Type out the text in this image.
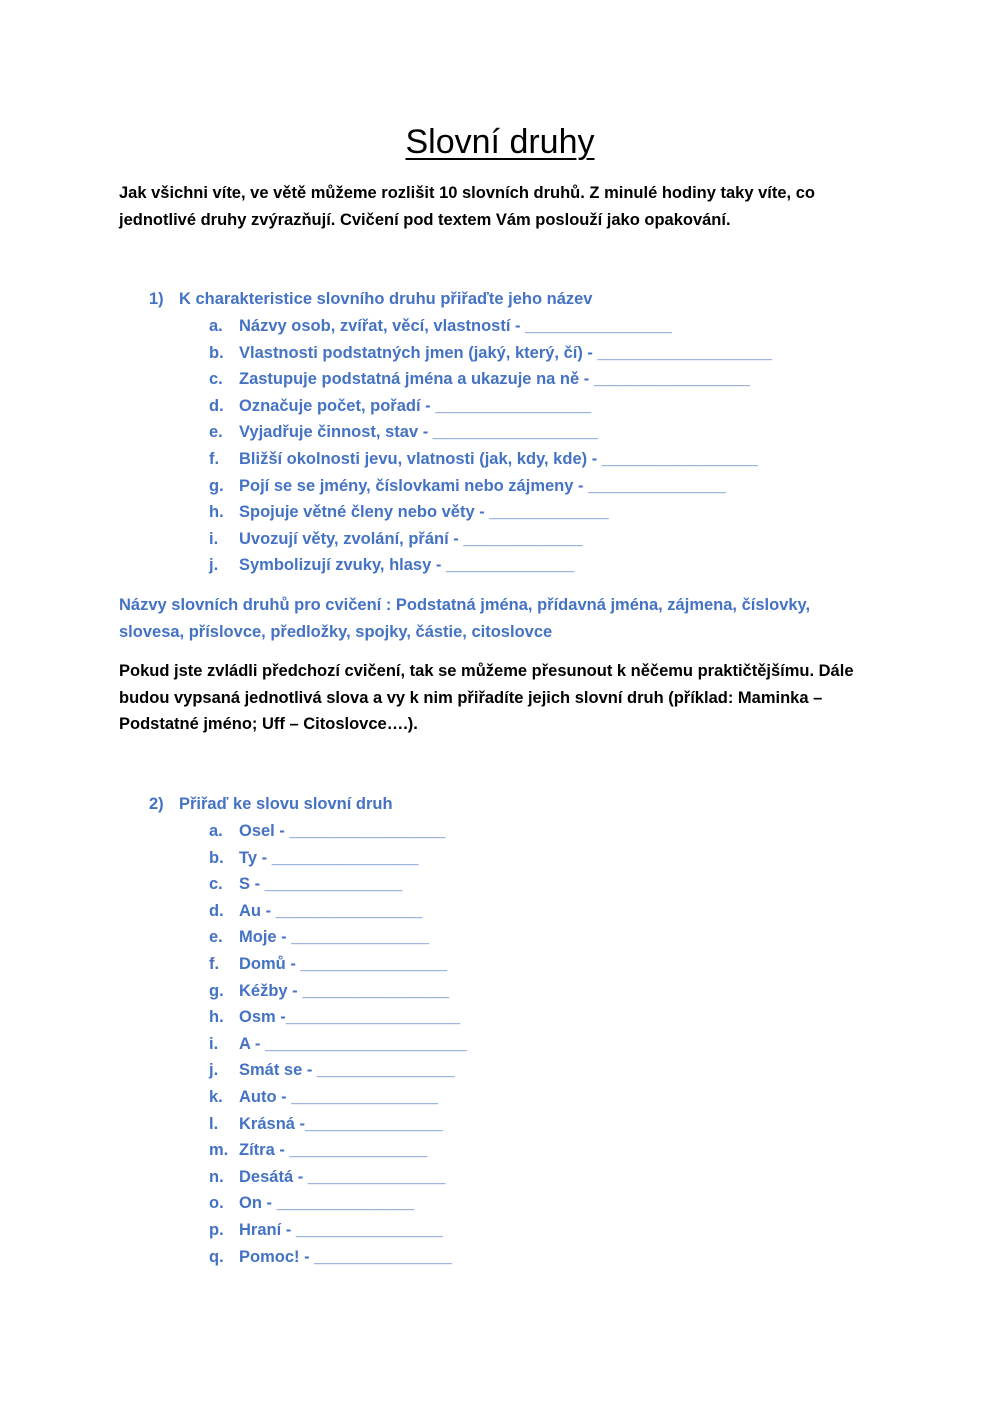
Slovní druhy
Jak všichni víte, ve větě můžeme rozlišit 10 slovních druhů. Z minulé hodiny taky víte, co jednotlivé druhy zvýrazňují. Cvičení pod textem Vám poslouží jako opakování.
1) K charakteristice slovního druhu přiřaďte jeho název
a. Názvy osob, zvířat, věcí, vlastností - ________________
b. Vlastnosti podstatných jmen (jaký, který, čí) - ___________________
c. Zastupuje podstatná jména a ukazuje na ně - _________________
d. Označuje počet, pořadí - _________________
e. Vyjadřuje činnost, stav - __________________
f. Bližší okolnosti jevu, vlatnosti (jak, kdy, kde) - _________________
g. Pojí se se jmény, číslovkami nebo zájmeny - _______________
h. Spojuje větné členy nebo věty - _____________
i. Uvozují věty, zvolání, přání - _____________
j. Symbolizují zvuky, hlasy - ______________
Názvy slovních druhů pro cvičení : Podstatná jména, přídavná jména, zájmena, číslovky, slovesa, příslovce, předložky, spojky, částie, citoslovce
Pokud jste zvládli předchozí cvičení, tak se můžeme přesunout k něčemu praktičtějšímu. Dále budou vypsaná jednotlivá slova a vy k nim přiřadíte jejich slovní druh (příklad: Maminka – Podstatné jméno; Uff – Citoslovce….).
2) Přiřaď ke slovu slovní druh
a. Osel - _________________
b. Ty - ________________
c. S - _______________
d. Au - ________________
e. Moje - _______________
f. Domů - ________________
g. Kéžby - ________________
h. Osm -___________________
i. A - ______________________
j. Smát se - _______________
k. Auto - ________________
l. Krásná -_______________
m. Zítra - _______________
n. Desátá - _______________
o. On - _______________
p. Hraní - ________________
q. Pomoc! - _______________
